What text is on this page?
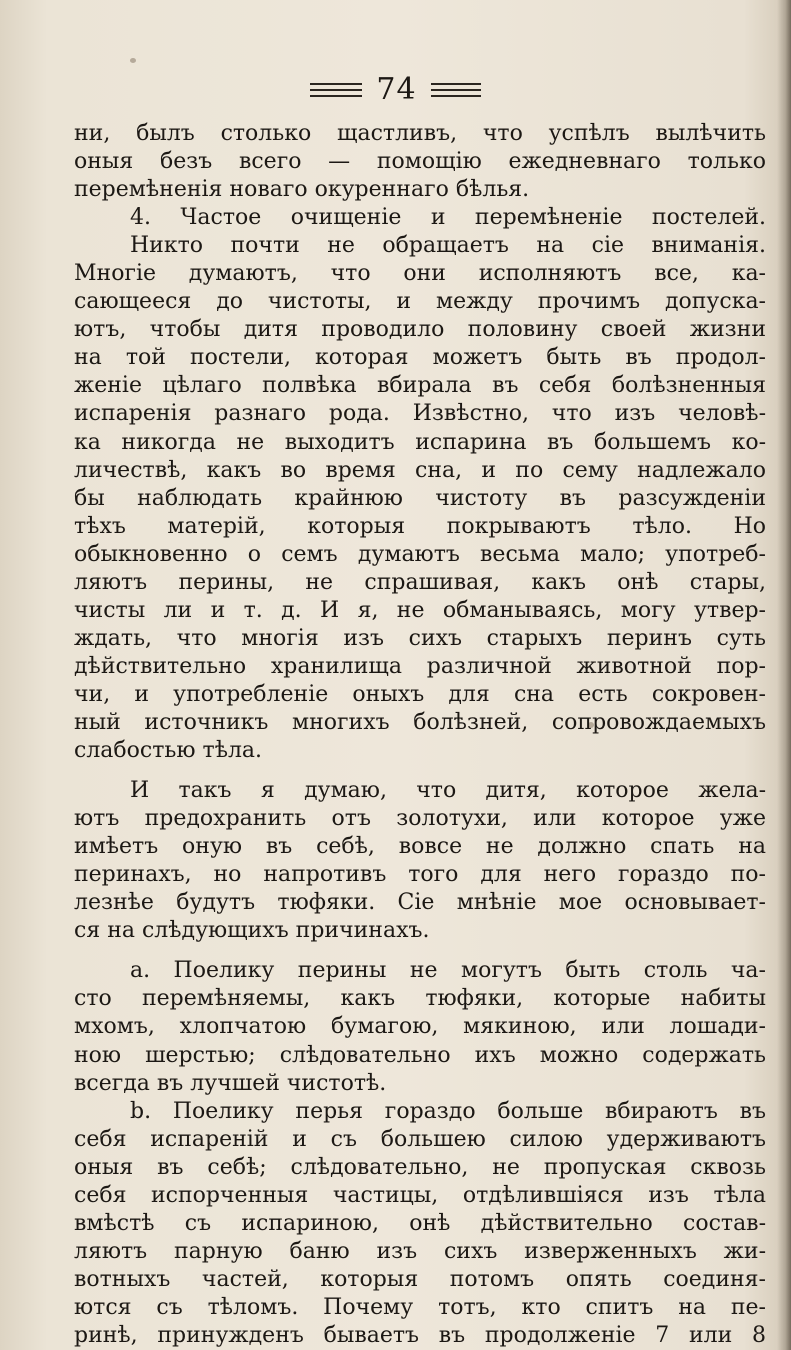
74
ни, былъ столько щастливъ, что успѣлъ вылѣчить
оныя безъ всего — помощію ежедневнаго только
перемѣненія новаго окуреннаго бѣлья.
4. Частое очищеніе и перемѣненіе постелей.
Никто почти не обращаетъ на сіе вниманія.
Многіе думаютъ, что они исполняютъ все, ка-
сающееся до чистоты, и между прочимъ допуска-
ютъ, чтобы дитя проводило половину своей жизни
на той постели, которая можетъ быть въ продол-
женіе цѣлаго полвѣка вбирала въ себя болѣзненныя
испаренія разнаго рода. Извѣстно, что изъ человѣ-
ка никогда не выходитъ испарина въ большемъ ко-
личествѣ, какъ во время сна, и по сему надлежало
бы наблюдать крайнюю чистоту въ разсужденіи
тѣхъ матерій, которыя покрываютъ тѣло. Но
обыкновенно о семъ думаютъ весьма мало; употреб-
ляютъ перины, не спрашивая, какъ онѣ стары,
чисты ли и т. д. И я, не обманываясь, могу утвер-
ждать, что многія изъ сихъ старыхъ перинъ суть
дѣйствительно хранилища различной животной пор-
чи, и употребленіе оныхъ для сна есть сокровен-
ный источникъ многихъ болѣзней, сопровождаемыхъ
слабостью тѣла.
И такъ я думаю, что дитя, которое жела-
ютъ предохранить отъ золотухи, или которое уже
имѣетъ оную въ себѣ, вовсе не должно спать на
перинахъ, но напротивъ того для него гораздо по-
лезнѣе будутъ тюфяки. Сіе мнѣніе мое основывает-
ся на слѣдующихъ причинахъ.
а. Поелику перины не могутъ быть столь ча-
сто перемѣняемы, какъ тюфяки, которые набиты
мхомъ, хлопчатою бумагою, мякиною, или лошади-
ною шерстью; слѣдовательно ихъ можно содержать
всегда въ лучшей чистотѣ.
b. Поелику перья гораздо больше вбираютъ въ
себя испареній и съ большею силою удерживаютъ
оныя въ себѣ; слѣдовательно, не пропуская сквозь
себя испорченныя частицы, отдѣлившіяся изъ тѣла
вмѣстѣ съ испариною, онѣ дѣйствительно состав-
ляютъ парную баню изъ сихъ изверженныхъ жи-
вотныхъ частей, которыя потомъ опять соединя-
ются съ тѣломъ. Почему тотъ, кто спитъ на пе-
ринѣ, принужденъ бываетъ въ продолженіе 7 или 8
